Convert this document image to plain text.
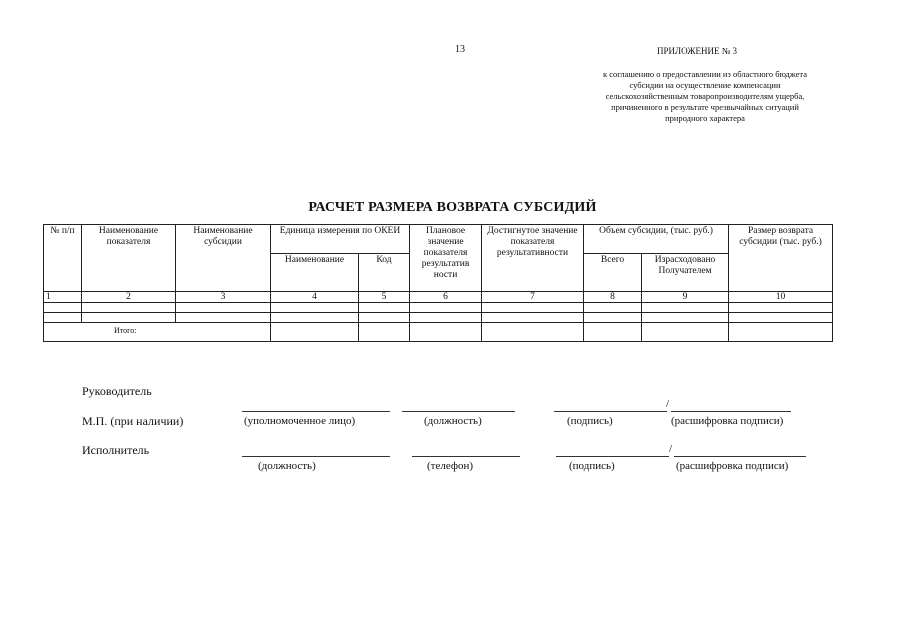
13	ПРИЛОЖЕНИЕ № 3
к соглашению о предоставлении из областного бюджета
субсидии на осуществление компенсации
сельскохозяйственным товаропроизводителям ущерба,
причиненного в результате чрезвычайных ситуаций
природного характера
РАСЧЕТ РАЗМЕРА ВОЗВРАТА СУБСИДИЙ
№ п/п	Наименование показателя	Наименование субсидии	Единица измерения по ОКЕИ		Плановое значение показателя результатив ности	Достигнутое значение показателя результативности	Объем субсидии, (тыс. руб.)		Размер возврата субсидии (тыс. руб.)
			Наименование	Код					
							Всего	Израсходовано Получателем	
1	2	3	4	5	6	7	8	9	10

Итого:									
Руководитель
М.П. (при наличии)
/
(уполномоченное лицо)	(должность)	(подпись)	(расшифровка подписи)
Исполнитель	/
(должность)	(телефон)	(подпись)	(расшифровка подписи)
